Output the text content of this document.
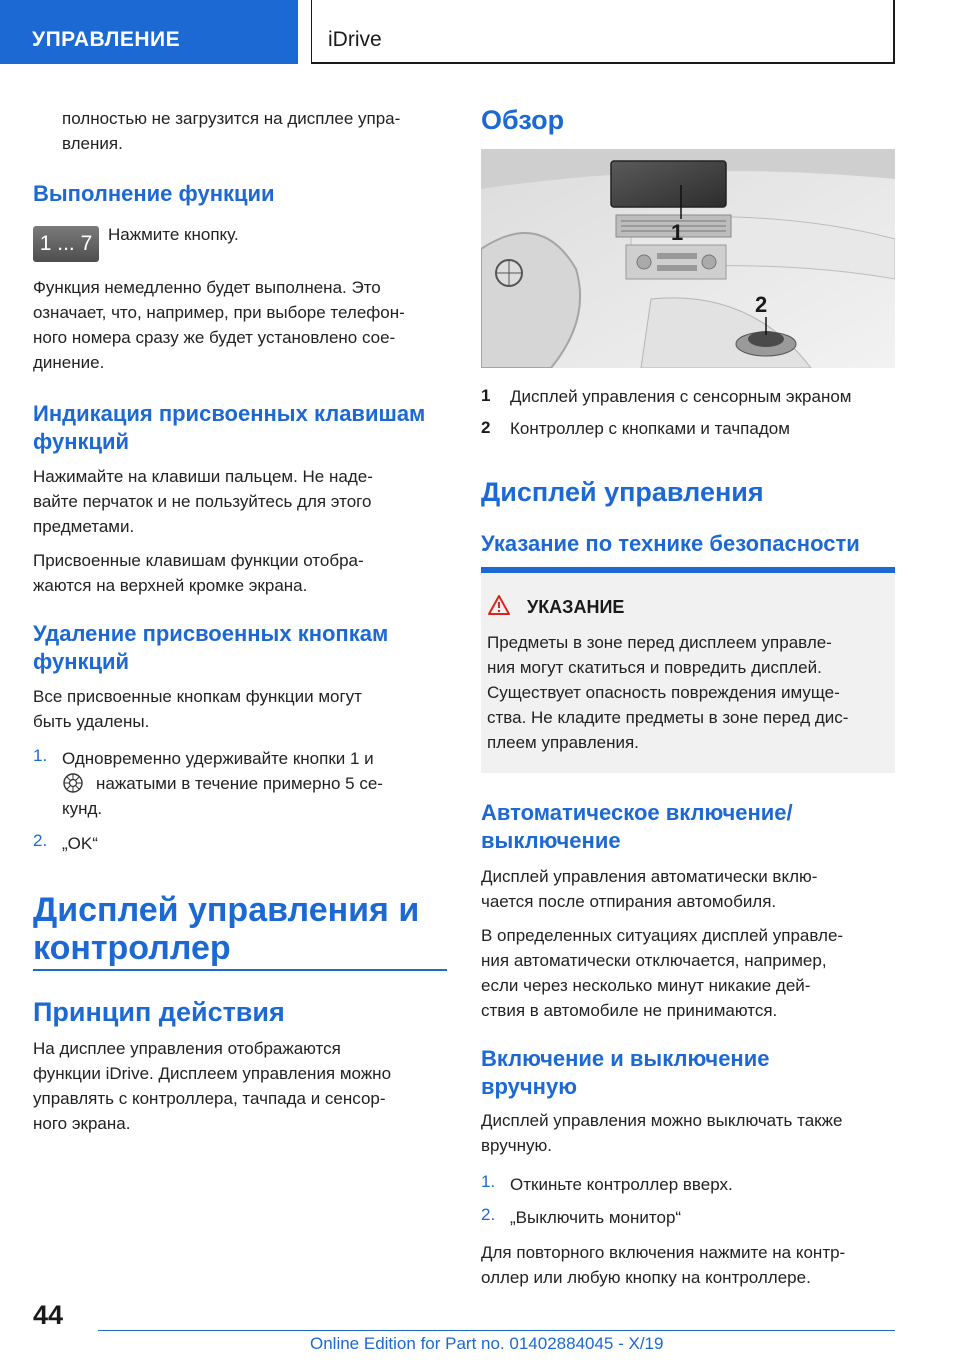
УПРАВЛЕНИЕ	iDrive
полностью не загрузится на дисплее упра-
вления.
Выполнение функции
1 ... 7 Нажмите кнопку.
Функция немедленно будет выполнена. Это
означает, что, например, при выборе телефон-
ного номера сразу же будет установлено сое-
динение.
Индикация присвоенных клавишам
функций
Нажимайте на клавиши пальцем. Не наде-
вайте перчаток и не пользуйтесь для этого
предметами.
Присвоенные клавишам функции отобра-
жаются на верхней кромке экрана.
Удаление присвоенных кнопкам
функций
Все присвоенные кнопкам функции могут
быть удалены.
1. Одновременно удерживайте кнопки 1 и
нажатыми в течение примерно 5 се-
кунд.
2. „OK“
Дисплей управления и
контроллер
Принцип действия
На дисплее управления отображаются
функции iDrive. Дисплеем управления можно
управлять с контроллера, тачпада и сенсор-
ного экрана.
Обзор
1
2
1 Дисплей управления с сенсорным экраном
2 Контроллер с кнопками и тачпадом
Дисплей управления
Указание по технике безопасности
УКАЗАНИЕ
Предметы в зоне перед дисплеем управле-
ния могут скатиться и повредить дисплей.
Существует опасность повреждения имуще-
ства. Не кладите предметы в зоне перед дис-
плеем управления.
Автоматическое включение/
выключение
Дисплей управления автоматически вклю-
чается после отпирания автомобиля.
В определенных ситуациях дисплей управле-
ния автоматически отключается, например,
если через несколько минут никакие дей-
ствия в автомобиле не принимаются.
Включение и выключение
вручную
Дисплей управления можно выключать также
вручную.
1. Откиньте контроллер вверх.
2. „Выключить монитор“
Для повторного включения нажмите на контр-
оллер или любую кнопку на контроллере.
44
Online Edition for Part no. 01402884045 - X/19
